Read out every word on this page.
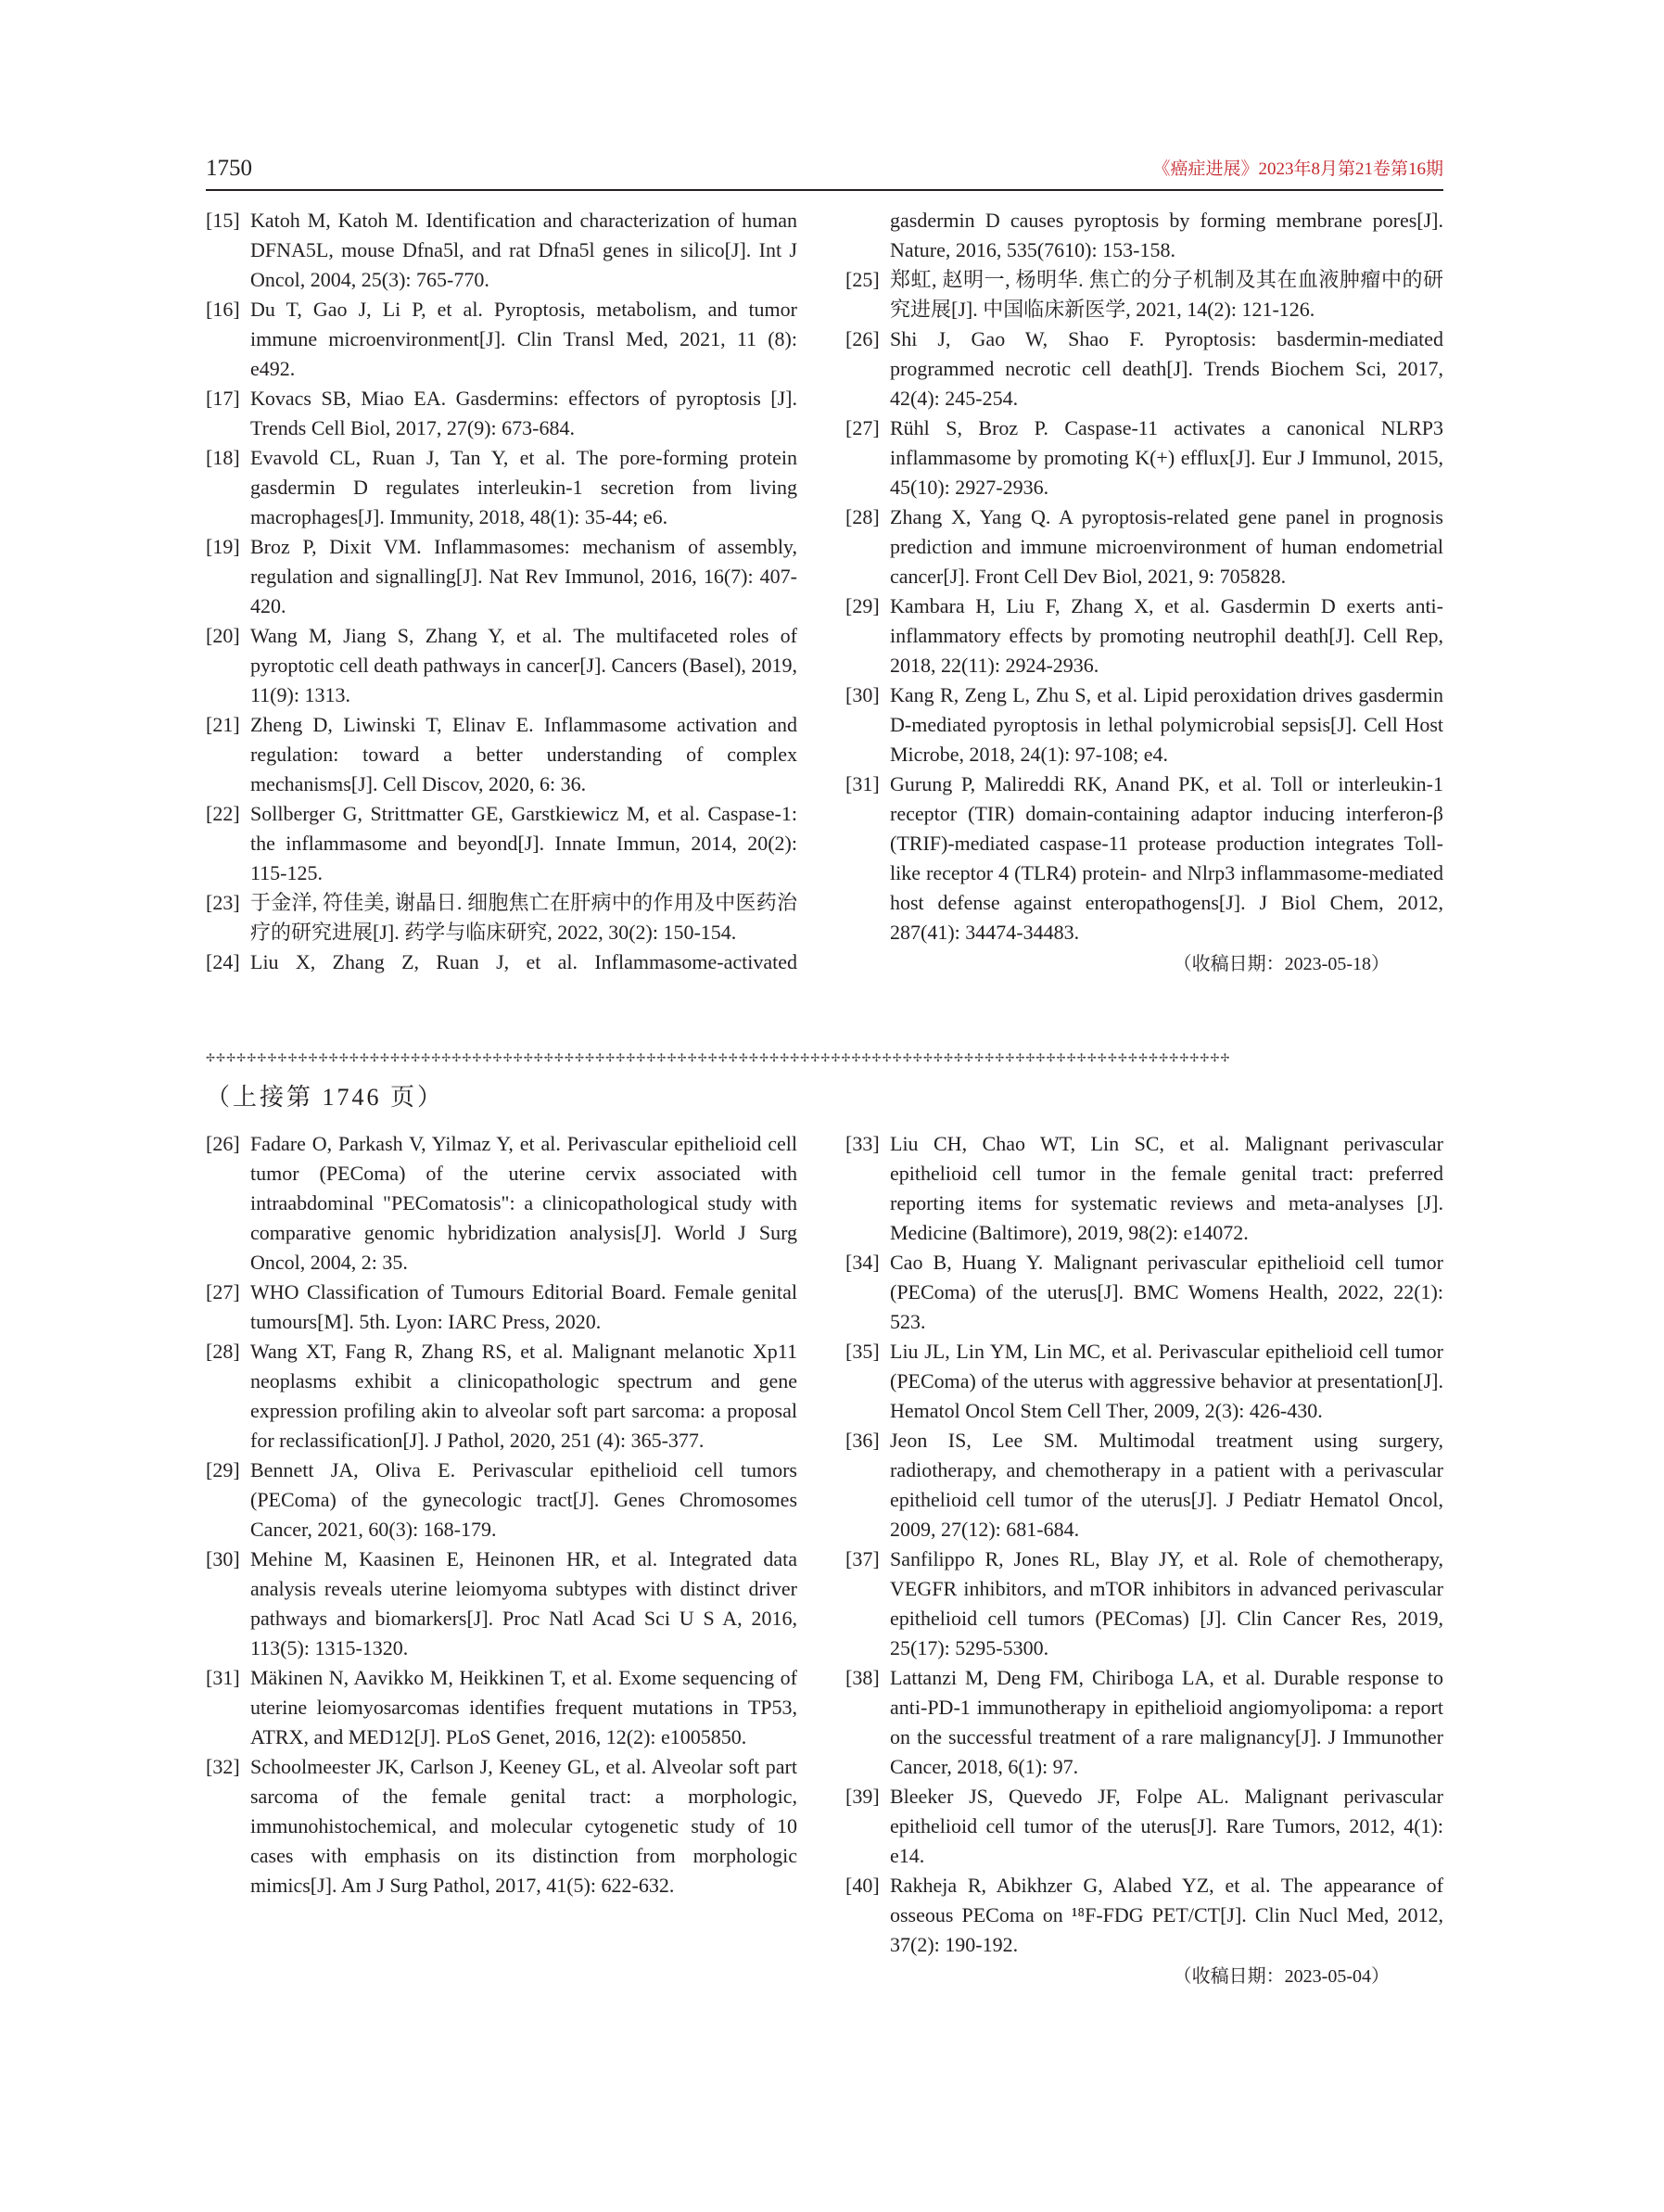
1750	《癌症进展》2023年8月第21卷第16期

[15] Katoh M, Katoh M. Identification and characterization of human DFNA5L, mouse Dfna5l, and rat Dfna5l genes in silico[J]. Int J Oncol, 2004, 25(3): 765-770.

[16] Du T, Gao J, Li P, et al. Pyroptosis, metabolism, and tumor immune microenvironment[J]. Clin Transl Med, 2021, 11 (8): e492.

[17] Kovacs SB, Miao EA. Gasdermins: effectors of pyroptosis [J]. Trends Cell Biol, 2017, 27(9): 673-684.

[18] Evavold CL, Ruan J, Tan Y, et al. The pore-forming protein gasdermin D regulates interleukin-1 secretion from living macrophages[J]. Immunity, 2018, 48(1): 35-44; e6.

[19] Broz P, Dixit VM. Inflammasomes: mechanism of assembly, regulation and signalling[J]. Nat Rev Immunol, 2016, 16(7): 407-420.

[20] Wang M, Jiang S, Zhang Y, et al. The multifaceted roles of pyroptotic cell death pathways in cancer[J]. Cancers (Basel), 2019, 11(9): 1313.

[21] Zheng D, Liwinski T, Elinav E. Inflammasome activation and regulation: toward a better understanding of complex mechanisms[J]. Cell Discov, 2020, 6: 36.

[22] Sollberger G, Strittmatter GE, Garstkiewicz M, et al. Caspase-1: the inflammasome and beyond[J]. Innate Immun, 2014, 20(2): 115-125.

[23] 于金洋, 符佳美, 谢晶日. 细胞焦亡在肝病中的作用及中医药治疗的研究进展[J]. 药学与临床研究, 2022, 30(2): 150-154.

[24] Liu X, Zhang Z, Ruan J, et al. Inflammasome-activated

gasdermin D causes pyroptosis by forming membrane pores[J]. Nature, 2016, 535(7610): 153-158.

[25] 郑虹, 赵明一, 杨明华. 焦亡的分子机制及其在血液肿瘤中的研究进展[J]. 中国临床新医学, 2021, 14(2): 121-126.

[26] Shi J, Gao W, Shao F. Pyroptosis: basdermin-mediated programmed necrotic cell death[J]. Trends Biochem Sci, 2017, 42(4): 245-254.

[27] Rühl S, Broz P. Caspase-11 activates a canonical NLRP3 inflammasome by promoting K(+) efflux[J]. Eur J Immunol, 2015, 45(10): 2927-2936.

[28] Zhang X, Yang Q. A pyroptosis-related gene panel in prognosis prediction and immune microenvironment of human endometrial cancer[J]. Front Cell Dev Biol, 2021, 9: 705828.

[29] Kambara H, Liu F, Zhang X, et al. Gasdermin D exerts anti-inflammatory effects by promoting neutrophil death[J]. Cell Rep, 2018, 22(11): 2924-2936.

[30] Kang R, Zeng L, Zhu S, et al. Lipid peroxidation drives gasdermin D-mediated pyroptosis in lethal polymicrobial sepsis[J]. Cell Host Microbe, 2018, 24(1): 97-108; e4.

[31] Gurung P, Malireddi RK, Anand PK, et al. Toll or interleukin-1 receptor (TIR) domain-containing adaptor inducing interferon-β (TRIF)-mediated caspase-11 protease production integrates Toll-like receptor 4 (TLR4) protein- and Nlrp3 inflammasome-mediated host defense against enteropathogens[J]. J Biol Chem, 2012, 287(41): 34474-34483.

（收稿日期：2023-05-18）
✢✢✢✢✢✢✢✢✢✢✢✢✢✢✢✢✢✢✢✢✢✢✢✢✢✢✢✢✢✢✢✢✢✢✢✢✢✢✢✢✢✢✢✢✢✢✢✢✢✢✢✢✢✢✢✢✢✢✢✢✢✢✢✢✢✢✢✢✢✢✢✢✢✢✢✢✢✢✢✢✢✢✢✢✢✢✢✢✢✢✢✢✢✢✢✢✢✢✢✢
（上接第 1746 页）

[26] Fadare O, Parkash V, Yilmaz Y, et al. Perivascular epithelioid cell tumor (PEComa) of the uterine cervix associated with intraabdominal "PEComatosis": a clinicopathological study with comparative genomic hybridization analysis[J]. World J Surg Oncol, 2004, 2: 35.

[27] WHO Classification of Tumours Editorial Board. Female genital tumours[M]. 5th. Lyon: IARC Press, 2020.

[28] Wang XT, Fang R, Zhang RS, et al. Malignant melanotic Xp11 neoplasms exhibit a clinicopathologic spectrum and gene expression profiling akin to alveolar soft part sarcoma: a proposal for reclassification[J]. J Pathol, 2020, 251 (4): 365-377.

[29] Bennett JA, Oliva E. Perivascular epithelioid cell tumors (PEComa) of the gynecologic tract[J]. Genes Chromosomes Cancer, 2021, 60(3): 168-179.

[30] Mehine M, Kaasinen E, Heinonen HR, et al. Integrated data analysis reveals uterine leiomyoma subtypes with distinct driver pathways and biomarkers[J]. Proc Natl Acad Sci U S A, 2016, 113(5): 1315-1320.

[31] Mäkinen N, Aavikko M, Heikkinen T, et al. Exome sequencing of uterine leiomyosarcomas identifies frequent mutations in TP53, ATRX, and MED12[J]. PLoS Genet, 2016, 12(2): e1005850.

[32] Schoolmeester JK, Carlson J, Keeney GL, et al. Alveolar soft part sarcoma of the female genital tract: a morphologic, immunohistochemical, and molecular cytogenetic study of 10 cases with emphasis on its distinction from morphologic mimics[J]. Am J Surg Pathol, 2017, 41(5): 622-632.

[33] Liu CH, Chao WT, Lin SC, et al. Malignant perivascular epithelioid cell tumor in the female genital tract: preferred reporting items for systematic reviews and meta-analyses [J]. Medicine (Baltimore), 2019, 98(2): e14072.

[34] Cao B, Huang Y. Malignant perivascular epithelioid cell tumor (PEComa) of the uterus[J]. BMC Womens Health, 2022, 22(1): 523.

[35] Liu JL, Lin YM, Lin MC, et al. Perivascular epithelioid cell tumor (PEComa) of the uterus with aggressive behavior at presentation[J]. Hematol Oncol Stem Cell Ther, 2009, 2(3): 426-430.

[36] Jeon IS, Lee SM. Multimodal treatment using surgery, radiotherapy, and chemotherapy in a patient with a perivascular epithelioid cell tumor of the uterus[J]. J Pediatr Hematol Oncol, 2009, 27(12): 681-684.

[37] Sanfilippo R, Jones RL, Blay JY, et al. Role of chemotherapy, VEGFR inhibitors, and mTOR inhibitors in advanced perivascular epithelioid cell tumors (PEComas) [J]. Clin Cancer Res, 2019, 25(17): 5295-5300.

[38] Lattanzi M, Deng FM, Chiriboga LA, et al. Durable response to anti-PD-1 immunotherapy in epithelioid angiomyolipoma: a report on the successful treatment of a rare malignancy[J]. J Immunother Cancer, 2018, 6(1): 97.

[39] Bleeker JS, Quevedo JF, Folpe AL. Malignant perivascular epithelioid cell tumor of the uterus[J]. Rare Tumors, 2012, 4(1): e14.

[40] Rakheja R, Abikhzer G, Alabed YZ, et al. The appearance of osseous PEComa on ¹⁸F-FDG PET/CT[J]. Clin Nucl Med, 2012, 37(2): 190-192.

（收稿日期：2023-05-04）
